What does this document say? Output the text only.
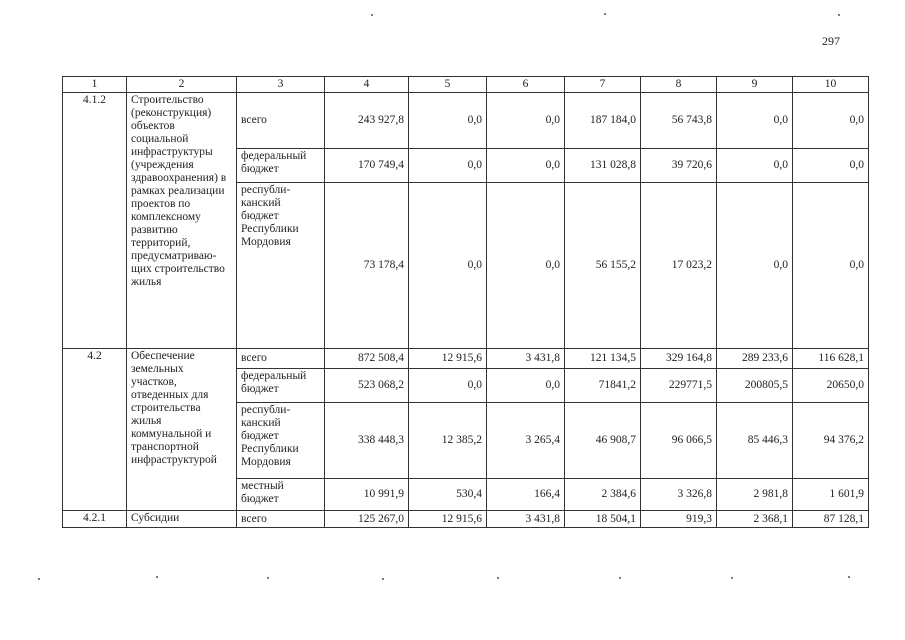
297
1	2	3	4	5	6	7	8	9	10
4.1.2	Строительство (реконструкция) объектов социальной инфраструктуры (учреждения здравоохранения) в рамках реализации проектов по комплексному развитию территорий, предусматриваю-щих строительство жилья	всего	243 927,8	0,0	0,0	187 184,0	56 743,8	0,0	0,0
		федеральный бюджет	170 749,4	0,0	0,0	131 028,8	39 720,6	0,0	0,0
		республи-канский бюджет Республики Мордовия	73 178,4	0,0	0,0	56 155,2	17 023,2	0,0	0,0
4.2	Обеспечение земельных участков, отведенных для строительства жилья коммунальной и транспортной инфраструктурой	всего	872 508,4	12 915,6	3 431,8	121 134,5	329 164,8	289 233,6	116 628,1
		федеральный бюджет	523 068,2	0,0	0,0	71841,2	229771,5	200805,5	20650,0
		республи-канский бюджет Республики Мордовия	338 448,3	12 385,2	3 265,4	46 908,7	96 066,5	85 446,3	94 376,2
		местный бюджет	10 991,9	530,4	166,4	2 384,6	3 326,8	2 981,8	1 601,9
4.2.1	Субсидии	всего	125 267,0	12 915,6	3 431,8	18 504,1	919,3	2 368,1	87 128,1
